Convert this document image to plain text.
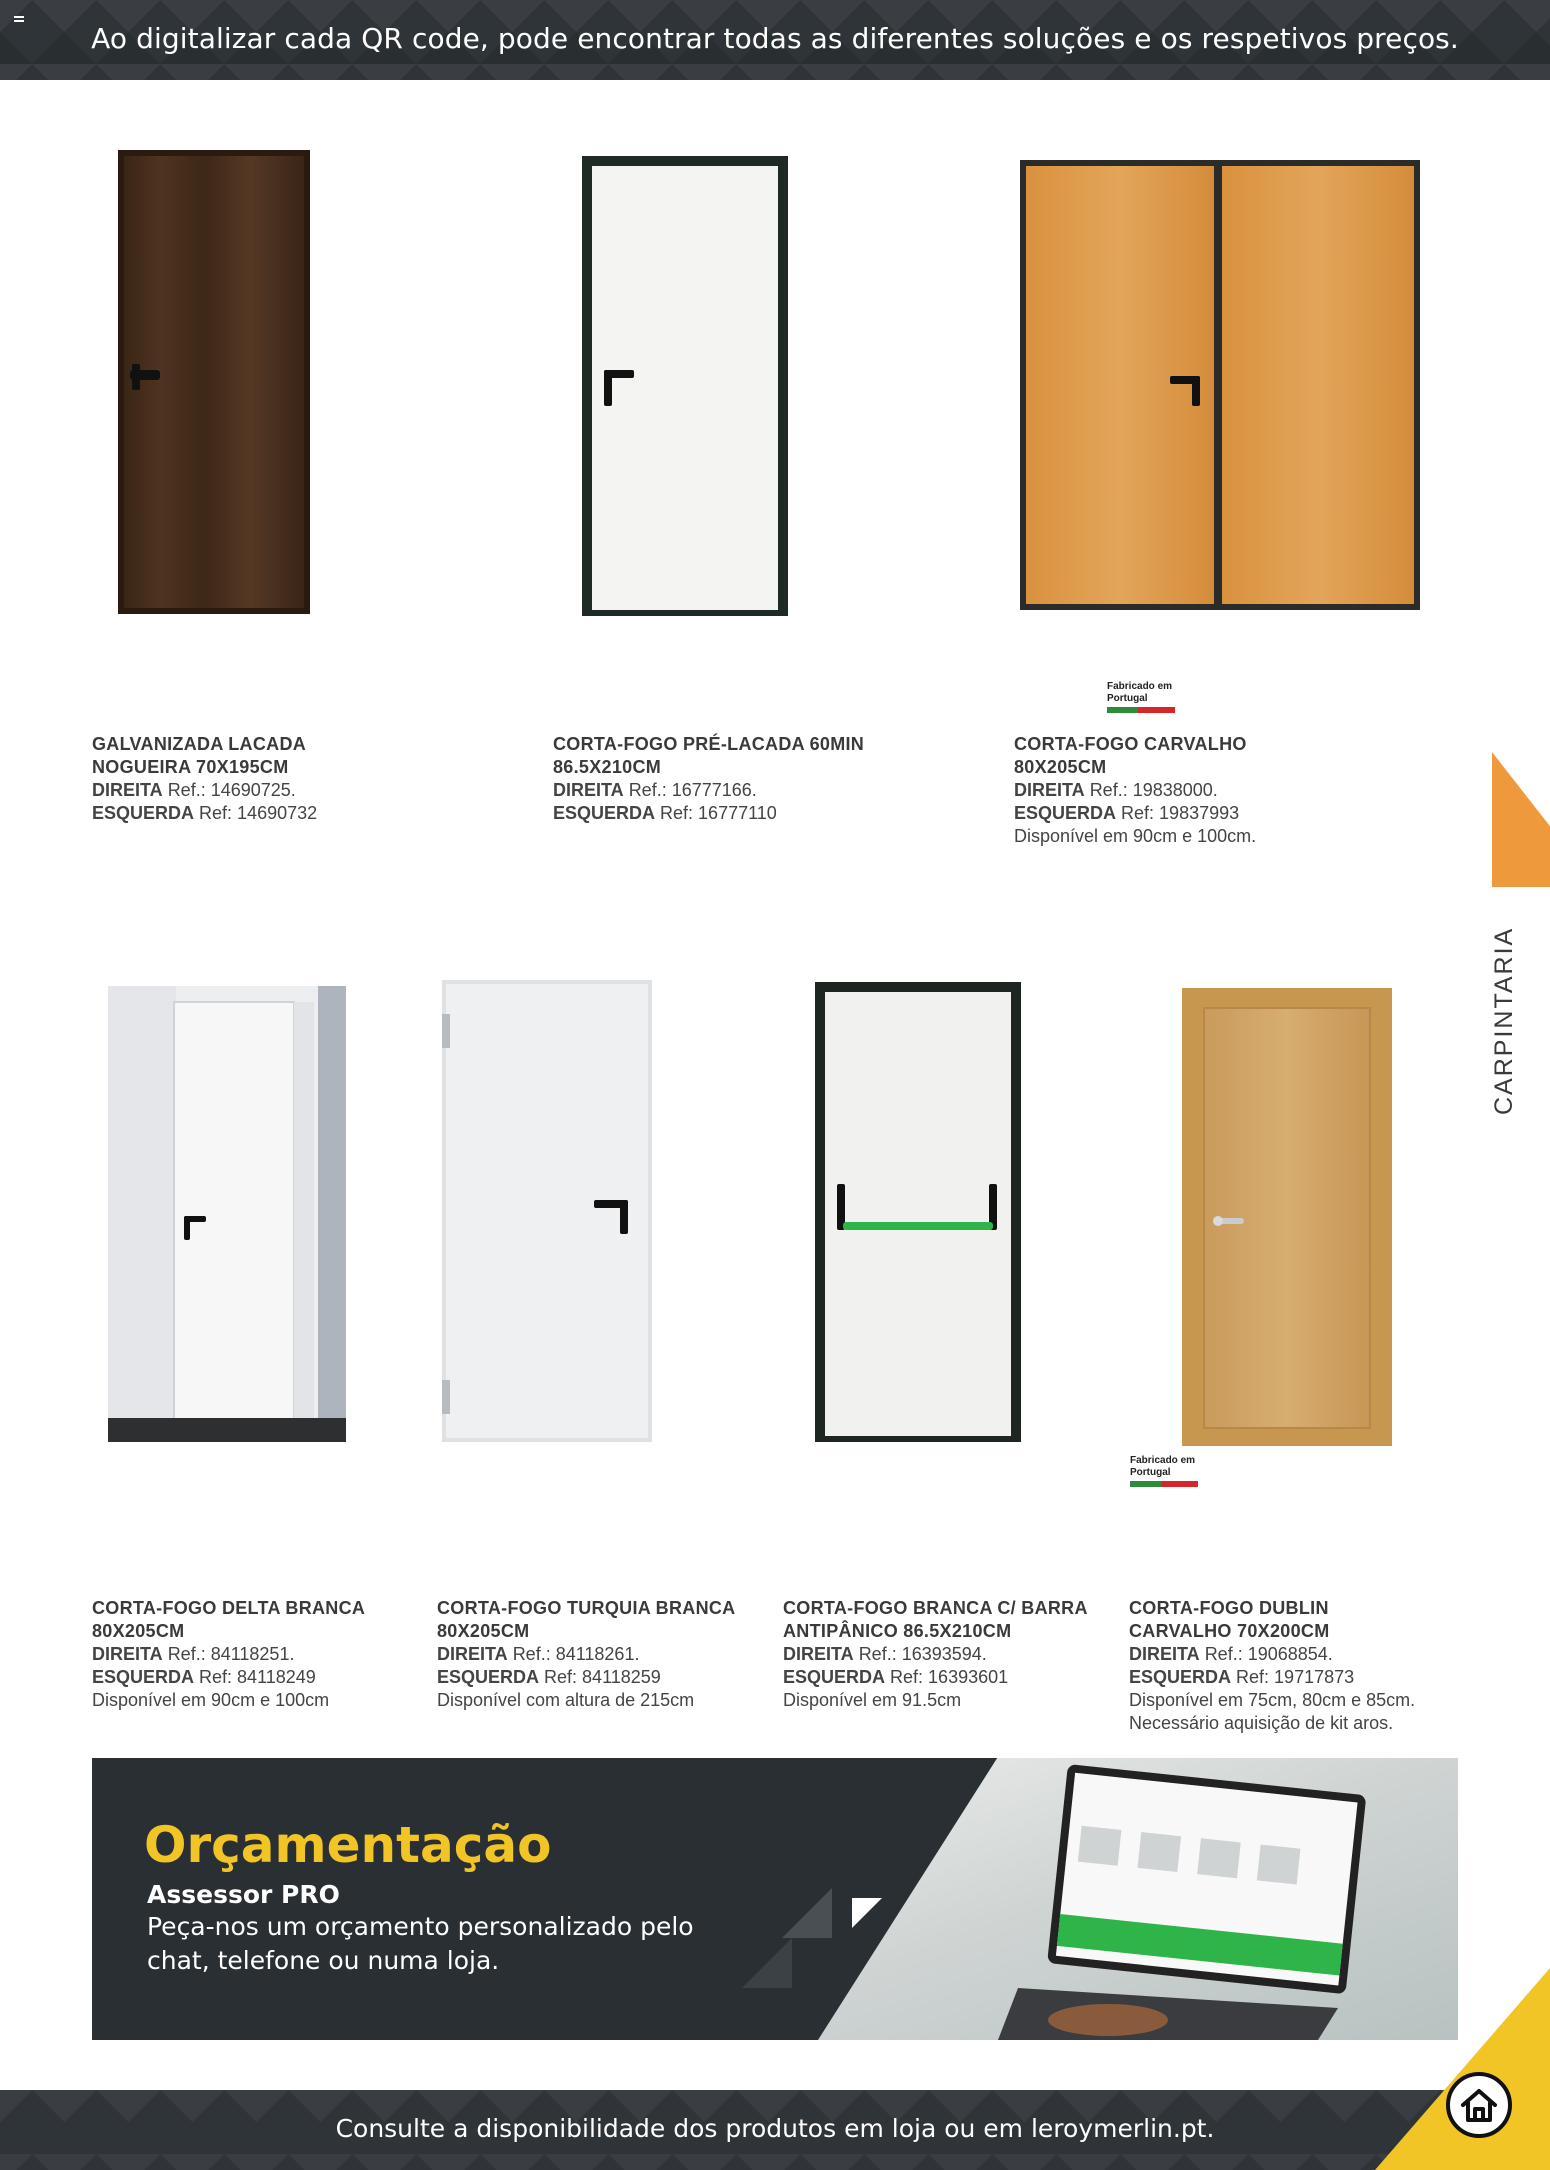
Ao digitalizar cada QR code, pode encontrar todas as diferentes soluções e os respetivos preços.
GALVANIZADA LACADA
NOGUEIRA 70X195CM
DIREITA Ref.: 14690725.
ESQUERDA Ref: 14690732
CORTA-FOGO PRÉ-LACADA 60MIN
86.5X210CM
DIREITA Ref.: 16777166.
ESQUERDA Ref: 16777110
Fabricado em Portugal
CORTA-FOGO CARVALHO
80X205CM
DIREITA Ref.: 19838000.
ESQUERDA Ref: 19837993
Disponível em 90cm e 100cm.
CARPINTARIA
CORTA-FOGO DELTA BRANCA
80X205CM
DIREITA Ref.: 84118251.
ESQUERDA Ref: 84118249
Disponível em 90cm e 100cm
CORTA-FOGO TURQUIA BRANCA
80X205CM
DIREITA Ref.: 84118261.
ESQUERDA Ref: 84118259
Disponível com altura de 215cm
CORTA-FOGO BRANCA C/ BARRA
ANTIPÂNICO 86.5X210CM
DIREITA Ref.: 16393594.
ESQUERDA Ref: 16393601
Disponível em 91.5cm
Fabricado em Portugal
CORTA-FOGO DUBLIN
CARVALHO 70X200CM
DIREITA Ref.: 19068854.
ESQUERDA Ref: 19717873
Disponível em 75cm, 80cm e 85cm.
Necessário aquisição de kit aros.
Orçamentação
Assessor PRO
Peça-nos um orçamento personalizado pelo chat, telefone ou numa loja.
Consulte a disponibilidade dos produtos em loja ou em leroymerlin.pt.
